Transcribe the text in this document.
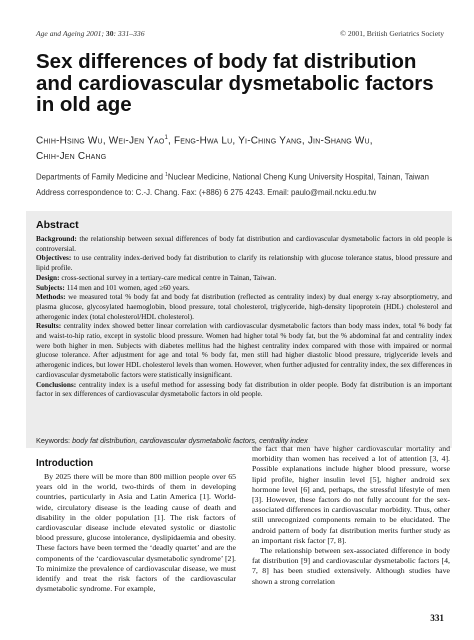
Age and Ageing 2001; 30: 331–336	© 2001, British Geriatrics Society
Sex differences of body fat distribution and cardiovascular dysmetabolic factors in old age
Chih-Hsing Wu, Wei-Jen Yao$^1$, Feng-Hwa Lu, Yi-Ching Yang, Jin-Shang Wu,
Chih-Jen Chang
Departments of Family Medicine and $^1$Nuclear Medicine, National Cheng Kung University Hospital, Tainan, Taiwan
Address correspondence to: C.-J. Chang. Fax: (+886) 6 275 4243. Email: paulo@mail.ncku.edu.tw
Abstract
Background: the relationship between sexual differences of body fat distribution and cardiovascular dysmetabolic factors in old people is controversial.
Objectives: to use centrality index-derived body fat distribution to clarify its relationship with glucose tolerance status, blood pressure and lipid profile.
Design: cross-sectional survey in a tertiary-care medical centre in Tainan, Taiwan.
Subjects: 114 men and 101 women, aged ≥60 years.
Methods: we measured total % body fat and body fat distribution (reflected as centrality index) by dual energy x-ray absorptiometry, and plasma glucose, glycosylated haemoglobin, blood pressure, total cholesterol, triglyceride, high-density lipoprotein (HDL) cholesterol and atherogenic index (total cholesterol/HDL cholesterol).
Results: centrality index showed better linear correlation with cardiovascular dysmetabolic factors than body mass index, total % body fat and waist-to-hip ratio, except in systolic blood pressure. Women had higher total % body fat, but the % abdominal fat and centrality index were both higher in men. Subjects with diabetes mellitus had the highest centrality index compared with those with impaired or normal glucose tolerance. After adjustment for age and total % body fat, men still had higher diastolic blood pressure, triglyceride levels and atherogenic indices, but lower HDL cholesterol levels than women. However, when further adjusted for centrality index, the sex differences in cardiovascular dysmetabolic factors were statistically insignificant.
Conclusions: centrality index is a useful method for assessing body fat distribution in older people. Body fat distribution is an important factor in sex differences of cardiovascular dysmetabolic factors in old people.
Keywords: body fat distribution, cardiovascular dysmetabolic factors, centrality index
Introduction
By 2025 there will be more than 800 million people over 65 years old in the world, two-thirds of them in developing countries, particularly in Asia and Latin America [1]. World-wide, circulatory disease is the leading cause of death and disability in the older population [1]. The risk factors of cardiovascular disease include elevated systolic or diastolic blood pressure, glucose intolerance, dyslipidaemia and obesity. These factors have been termed the ‘deadly quartet’ and are the components of the ‘cardiovascular dysmetabolic syndrome’ [2]. To minimize the prevalence of cardiovascular disease, we must identify and treat the risk factors of the cardiovascular dysmetabolic syndrome. For example,

the fact that men have higher cardiovascular mortality and morbidity than women has received a lot of attention [3, 4]. Possible explanations include higher blood pressure, worse lipid profile, higher insulin level [5], higher android sex hormone level [6] and, perhaps, the stressful lifestyle of men [3]. However, these factors do not fully account for the sex-associated differences in cardiovascular morbidity. Thus, other still unrecognized components remain to be elucidated. The android pattern of body fat distribution merits further study as an important risk factor [7, 8].

The relationship between sex-associated difference in body fat distribution [9] and cardiovascular dysmetabolic factors [4, 7, 8] has been studied extensively. Although studies have shown a strong correlation

331
